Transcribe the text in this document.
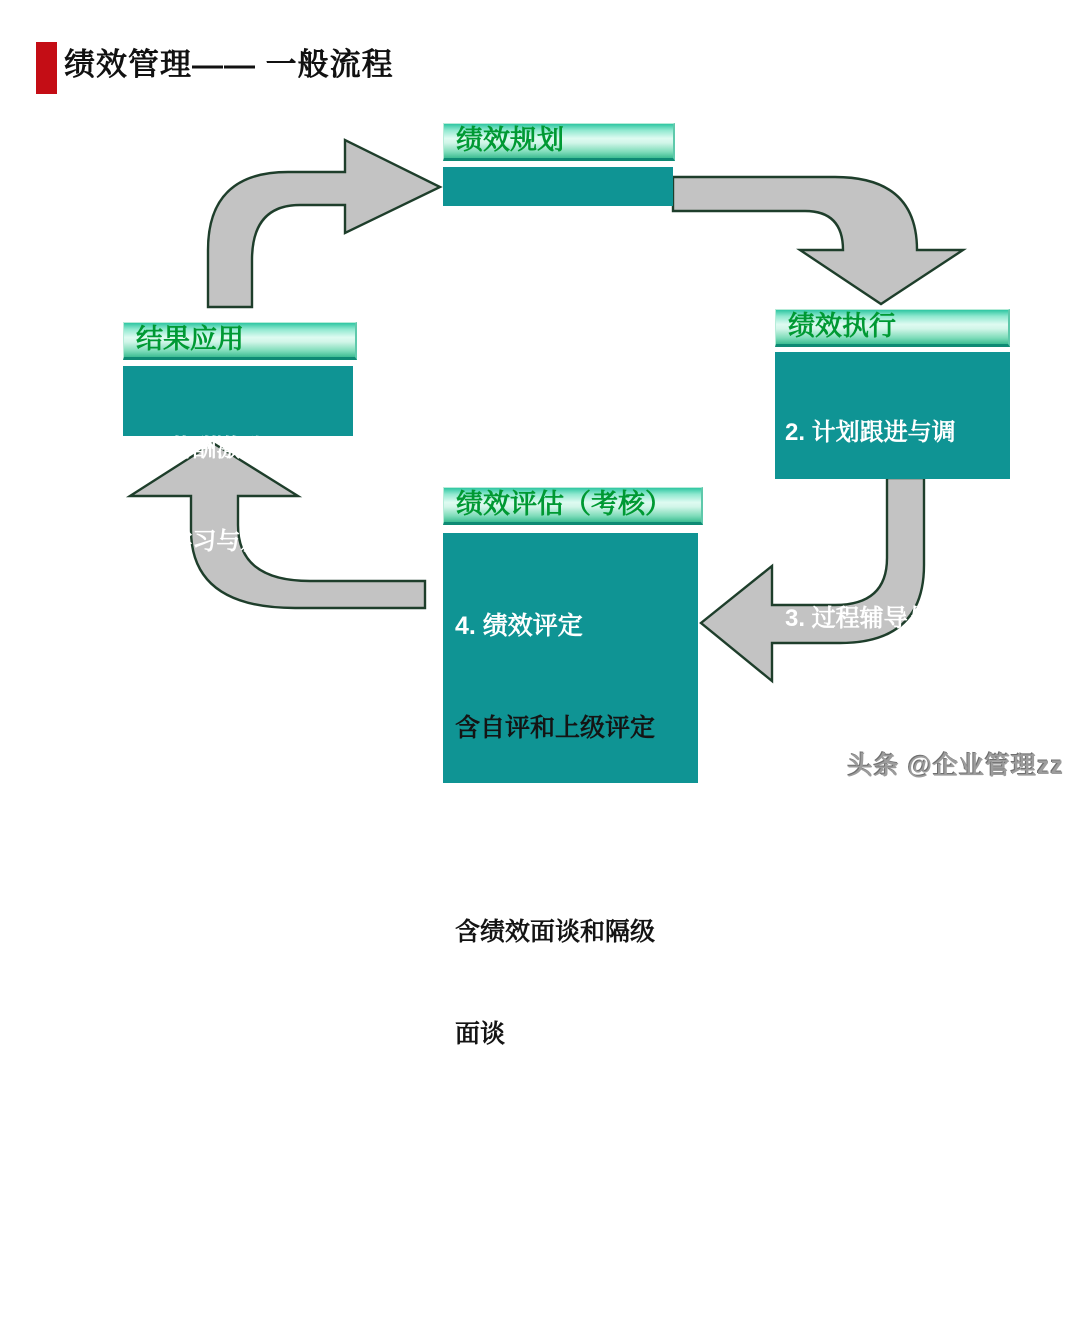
绩效管理—— 一般流程
绩效规划

1. 制定工作计划

绩效执行

2. 计划跟进与调

整

3. 过程辅导与激

励

绩效评估（考核）

4. 绩效评定

含自评和上级评定

5. 绩效反馈

含绩效面谈和隔级

面谈

6．个人能力发展计

划

结果应用

7.  薪酬激励

8.  学习与发展

头条 @企业管理zz
